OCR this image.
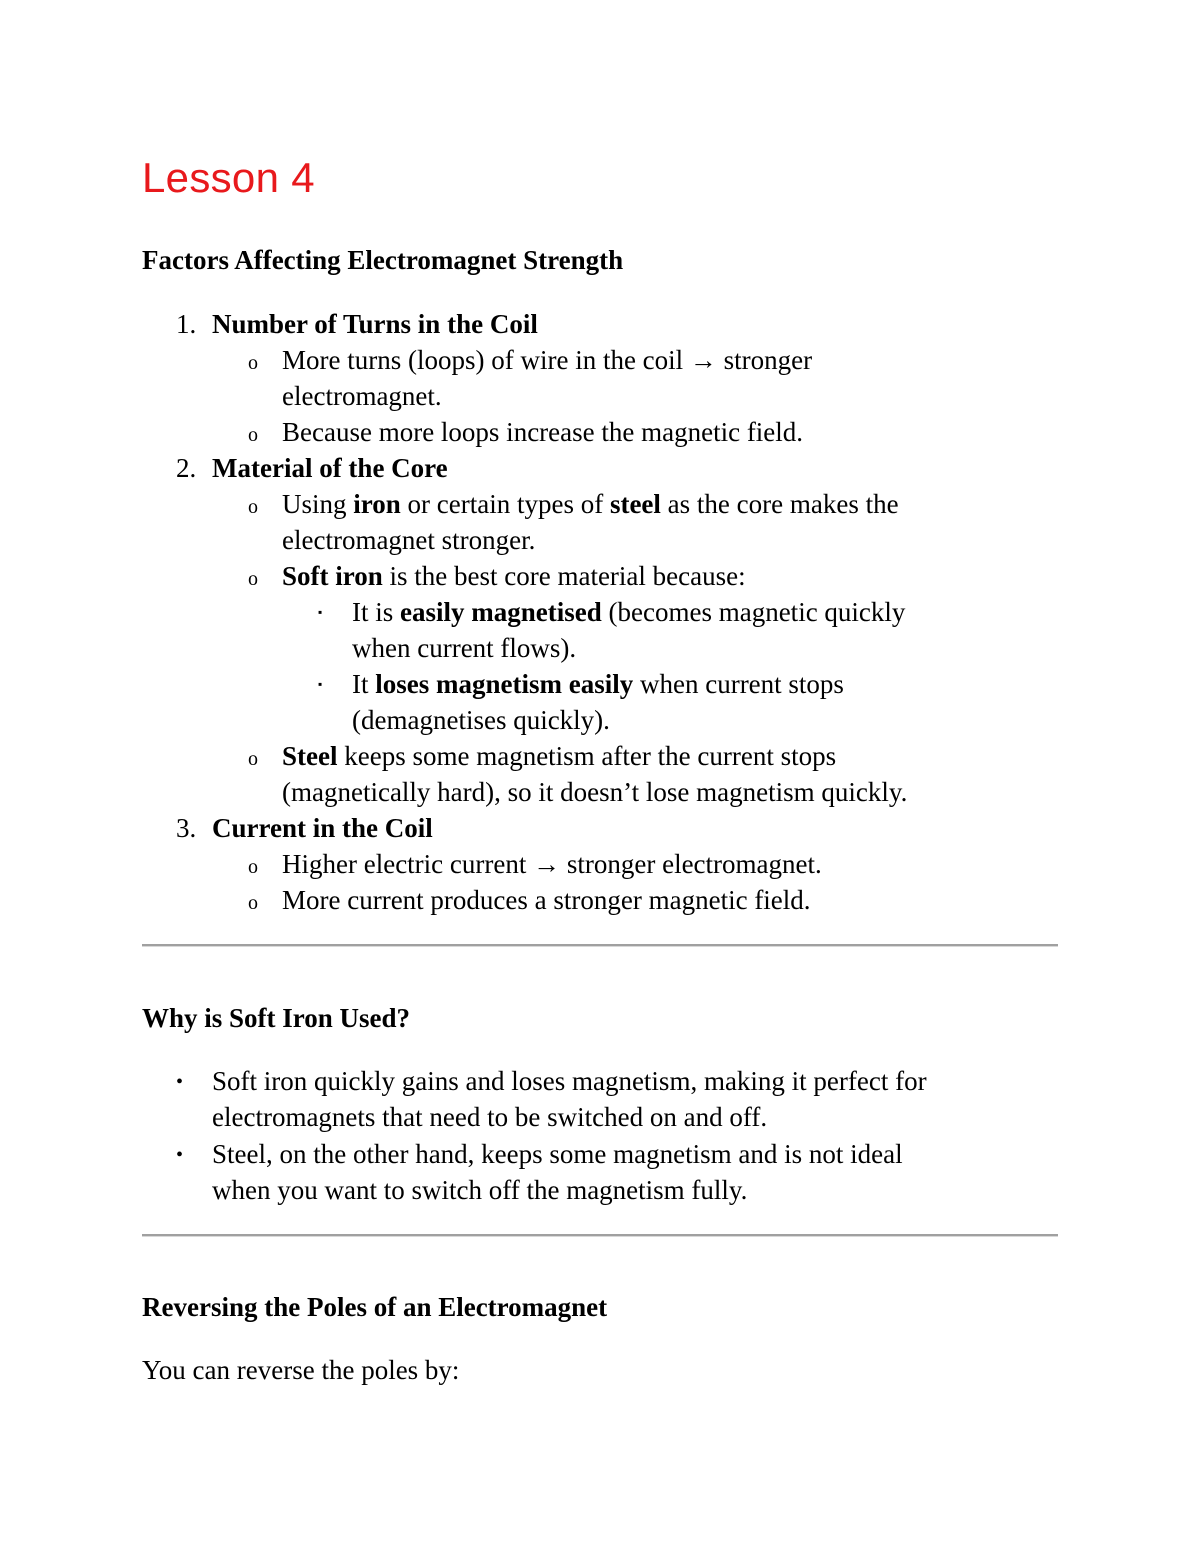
Lesson 4
Factors Affecting Electromagnet Strength
1. Number of Turns in the Coil
o More turns (loops) of wire in the coil → stronger
electromagnet.
o Because more loops increase the magnetic field.
2. Material of the Core
o Using iron or certain types of steel as the core makes the
electromagnet stronger.
o Soft iron is the best core material because:
▪ It is easily magnetised (becomes magnetic quickly
when current flows).
▪ It loses magnetism easily when current stops
(demagnetises quickly).
o Steel keeps some magnetism after the current stops
(magnetically hard), so it doesn’t lose magnetism quickly.
3. Current in the Coil
o Higher electric current → stronger electromagnet.
o More current produces a stronger magnetic field.
Why is Soft Iron Used?
• Soft iron quickly gains and loses magnetism, making it perfect for
electromagnets that need to be switched on and off.
• Steel, on the other hand, keeps some magnetism and is not ideal
when you want to switch off the magnetism fully.
Reversing the Poles of an Electromagnet

You can reverse the poles by:
